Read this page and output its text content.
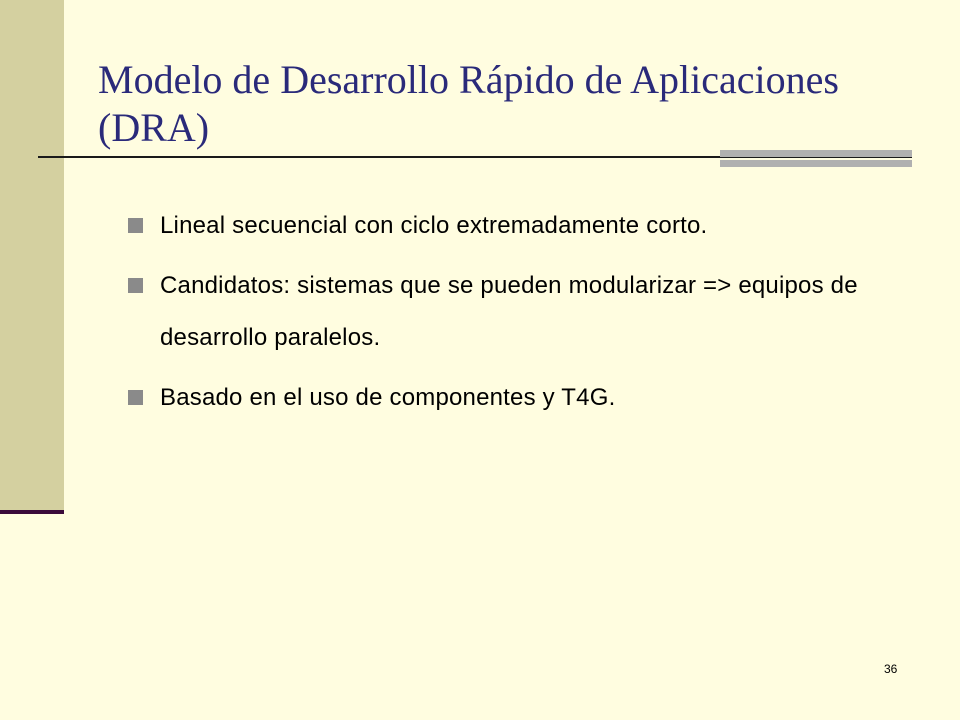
Modelo de Desarrollo Rápido de Aplicaciones (DRA)
Lineal secuencial con ciclo extremadamente corto.
Candidatos: sistemas que se pueden modularizar => equipos de desarrollo paralelos.
Basado en el uso de componentes y T4G.
36
